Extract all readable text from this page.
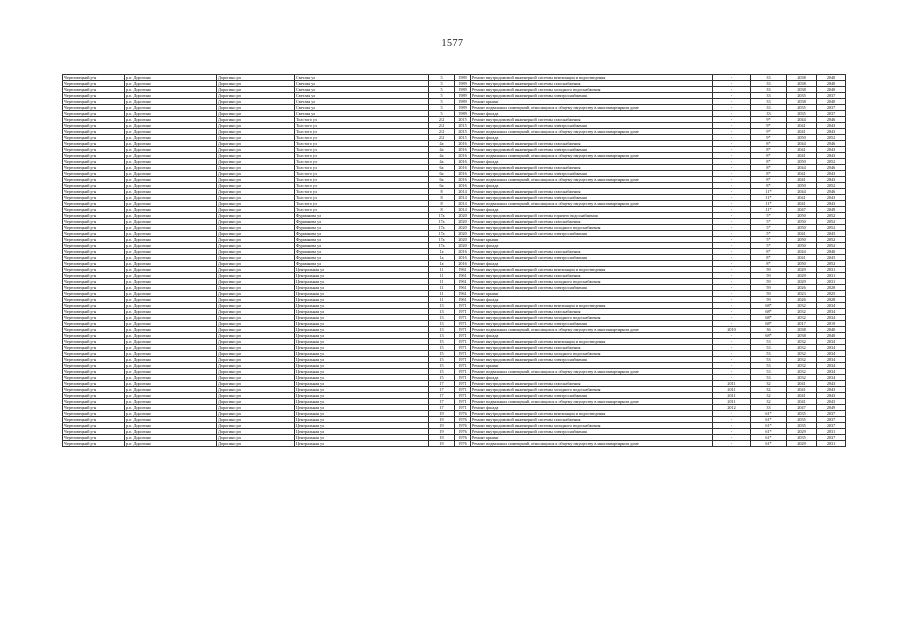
1577
Череповецкий р-н	р.п. Дорогино	Дорогино рп	Светлая ул	5	1989	Ремонт внутридомовой инженерной системы вентиляции и водоотведения	-	33	2038	2040
Череповецкий р-н	р.п. Дорогино	Дорогино рп	Светлая ул	5	1989	Ремонт внутридомовой инженерной системы газоснабжения	-	33	2038	2040
Череповецкий р-н	р.п. Дорогино	Дорогино рп	Светлая ул	5	1989	Ремонт внутридомовой инженерной системы холодного водоснабжения	-	33	2038	2040
Череповецкий р-н	р.п. Дорогино	Дорогино рп	Светлая ул	5	1989	Ремонт внутридомовой инженерной системы электроснабжения	-	33	2035	2037
Череповецкий р-н	р.п. Дорогино	Дорогино рп	Светлая ул	5	1989	Ремонт крыши	-	33	2038	2040
Череповецкий р-н	р.п. Дорогино	Дорогино рп	Светлая ул	5	1989	Ремонт подвальных помещений, относящихся к общему имуществу в многоквартирном доме	-	33	2035	2037
Череповецкий р-н	р.п. Дорогино	Дорогино рп	Светлая ул	5	1989	Ремонт фасада	-	33	2035	2037
Череповецкий р-н	р.п. Дорогино	Дорогино рп	Толстого ул	2/2	2015	Ремонт внутридомовой инженерной системы газоснабжения	-	9*	2044	2046
Череповецкий р-н	р.п. Дорогино	Дорогино рп	Толстого ул	2/2	2015	Ремонт внутридомовой инженерной системы электроснабжения	-	9*	2041	2043
Череповецкий р-н	р.п. Дорогино	Дорогино рп	Толстого ул	2/2	2015	Ремонт подвальных помещений, относящихся к общему имуществу в многоквартирном доме	-	9*	2041	2043
Череповецкий р-н	р.п. Дорогино	Дорогино рп	Толстого ул	2/2	2015	Ремонт фасада	-	9*	2050	2052
Череповецкий р-н	р.п. Дорогино	Дорогино рп	Толстого ул	4а	2016	Ремонт внутридомовой инженерной системы газоснабжения	-	8*	2044	2046
Череповецкий р-н	р.п. Дорогино	Дорогино рп	Толстого ул	4а	2016	Ремонт внутридомовой инженерной системы электроснабжения	-	8*	2041	2043
Череповецкий р-н	р.п. Дорогино	Дорогино рп	Толстого ул	4а	2016	Ремонт подвальных помещений, относящихся к общему имуществу в многоквартирном доме	-	8*	2041	2043
Череповецкий р-н	р.п. Дорогино	Дорогино рп	Толстого ул	4а	2016	Ремонт фасада	-	8*	2050	2052
Череповецкий р-н	р.п. Дорогино	Дорогино рп	Толстого ул	6а	2016	Ремонт внутридомовой инженерной системы газоснабжения	-	8*	2044	2046
Череповецкий р-н	р.п. Дорогино	Дорогино рп	Толстого ул	6а	2016	Ремонт внутридомовой инженерной системы электроснабжения	-	8*	2041	2043
Череповецкий р-н	р.п. Дорогино	Дорогино рп	Толстого ул	6а	2016	Ремонт подвальных помещений, относящихся к общему имуществу в многоквартирном доме	-	8*	2041	2043
Череповецкий р-н	р.п. Дорогино	Дорогино рп	Толстого ул	6а	2016	Ремонт фасада	-	8*	2050	2052
Череповецкий р-н	р.п. Дорогино	Дорогино рп	Толстого ул	8	2014	Ремонт внутридомовой инженерной системы газоснабжения	-	11*	2044	2046
Череповецкий р-н	р.п. Дорогино	Дорогино рп	Толстого ул	8	2014	Ремонт внутридомовой инженерной системы электроснабжения	-	11*	2041	2043
Череповецкий р-н	р.п. Дорогино	Дорогино рп	Толстого ул	8	2014	Ремонт подвальных помещений, относящихся к общему имуществу в многоквартирном доме	-	11*	2041	2043
Череповецкий р-н	р.п. Дорогино	Дорогино рп	Толстого ул	8	2014	Ремонт фасада	-	11*	2047	2049
Череповецкий р-н	р.п. Дорогино	Дорогино рп	Фурманова ул	17а	2020	Ремонт внутридомовой инженерной системы горячего водоснабжения	-	5*	2050	2052
Череповецкий р-н	р.п. Дорогино	Дорогино рп	Фурманова ул	17а	2020	Ремонт внутридомовой инженерной системы газоснабжения	-	5*	2050	2052
Череповецкий р-н	р.п. Дорогино	Дорогино рп	Фурманова ул	17а	2020	Ремонт внутридомовой инженерной системы холодного водоснабжения	-	5*	2050	2052
Череповецкий р-н	р.п. Дорогино	Дорогино рп	Фурманова ул	17а	2020	Ремонт внутридомовой инженерной системы электроснабжения	-	5*	2041	2043
Череповецкий р-н	р.п. Дорогино	Дорогино рп	Фурманова ул	17а	2020	Ремонт крыши	-	5*	2050	2052
Череповецкий р-н	р.п. Дорогино	Дорогино рп	Фурманова ул	17а	2020	Ремонт фасада	-	5*	2050	2052
Череповецкий р-н	р.п. Дорогино	Дорогино рп	Фурманова ул	1а	2016	Ремонт внутридомовой инженерной системы газоснабжения	-	8*	2044	2046
Череповецкий р-н	р.п. Дорогино	Дорогино рп	Фурманова ул	1а	2016	Ремонт внутридомовой инженерной системы электроснабжения	-	8*	2041	2043
Череповецкий р-н	р.п. Дорогино	Дорогино рп	Фурманова ул	1а	2016	Ремонт фасада	-	8*	2050	2052
Череповецкий р-н	р.п. Дорогино	Дорогино рп	Центральная ул	11	1961	Ремонт внутридомовой инженерной системы вентиляции и водоотведения	-	59	2029	2031
Череповецкий р-н	р.п. Дорогино	Дорогино рп	Центральная ул	11	1961	Ремонт внутридомовой инженерной системы газоснабжения	-	59	2029	2031
Череповецкий р-н	р.п. Дорогино	Дорогино рп	Центральная ул	11	1961	Ремонт внутридомовой инженерной системы холодного водоснабжения	-	59	2029	2031
Череповецкий р-н	р.п. Дорогино	Дорогино рп	Центральная ул	11	1961	Ремонт внутридомовой инженерной системы электроснабжения	-	59	2026	2028
Череповецкий р-н	р.п. Дорогино	Дорогино рп	Центральная ул	11	1961	Ремонт крыши	-	59	2023	2025
Череповецкий р-н	р.п. Дорогино	Дорогино рп	Центральная ул	11	1961	Ремонт фасада	-	59	2026	2028
Череповецкий р-н	р.п. Дорогино	Дорогино рп	Центральная ул	13	1971	Ремонт внутридомовой инженерной системы вентиляции и водоотведения	-	68*	2032	2034
Череповецкий р-н	р.п. Дорогино	Дорогино рп	Центральная ул	13	1971	Ремонт внутридомовой инженерной системы газоснабжения	-	68*	2032	2034
Череповецкий р-н	р.п. Дорогино	Дорогино рп	Центральная ул	13	1971	Ремонт внутридомовой инженерной системы холодного водоснабжения	-	68*	2032	2034
Череповецкий р-н	р.п. Дорогино	Дорогино рп	Центральная ул	13	1971	Ремонт внутридомовой инженерной системы электроснабжения	-	68*	2017	2019
Череповецкий р-н	р.п. Дорогино	Дорогино рп	Центральная ул	13	1971	Ремонт подвальных помещений, относящихся к общему имуществу в многоквартирном доме	2010	36	2038	2040
Череповецкий р-н	р.п. Дорогино	Дорогино рп	Центральная ул	13	1971	Ремонт фасада	-	68*	2038	2040
Череповецкий р-н	р.п. Дорогино	Дорогино рп	Центральная ул	15	1971	Ремонт внутридомовой инженерной системы вентиляции и водоотведения	-	53	2032	2034
Череповецкий р-н	р.п. Дорогино	Дорогино рп	Центральная ул	15	1971	Ремонт внутридомовой инженерной системы газоснабжения	-	53	2032	2034
Череповецкий р-н	р.п. Дорогино	Дорогино рп	Центральная ул	15	1971	Ремонт внутридомовой инженерной системы холодного водоснабжения	-	53	2032	2034
Череповецкий р-н	р.п. Дорогино	Дорогино рп	Центральная ул	15	1971	Ремонт внутридомовой инженерной системы электроснабжения	-	53	2032	2034
Череповецкий р-н	р.п. Дорогино	Дорогино рп	Центральная ул	15	1971	Ремонт крыши	-	53	2032	2034
Череповецкий р-н	р.п. Дорогино	Дорогино рп	Центральная ул	15	1971	Ремонт подвальных помещений, относящихся к общему имуществу в многоквартирном доме	-	53	2032	2034
Череповецкий р-н	р.п. Дорогино	Дорогино рп	Центральная ул	15	1971	Ремонт фасада	-	53	2032	2034
Череповецкий р-н	р.п. Дорогино	Дорогино рп	Центральная ул	17	1971	Ремонт внутридомовой инженерной системы газоснабжения	2011	32	2041	2043
Череповецкий р-н	р.п. Дорогино	Дорогино рп	Центральная ул	17	1971	Ремонт внутридомовой инженерной системы холодного водоснабжения	2011	32	2041	2043
Череповецкий р-н	р.п. Дорогино	Дорогино рп	Центральная ул	17	1971	Ремонт внутридомовой инженерной системы электроснабжения	2011	32	2041	2043
Череповецкий р-н	р.п. Дорогино	Дорогино рп	Центральная ул	17	1971	Ремонт подвальных помещений, относящихся к общему имуществу в многоквартирном доме	2011	32	2041	2043
Череповецкий р-н	р.п. Дорогино	Дорогино рп	Центральная ул	17	1971	Ремонт фасада	2012	33	2047	2049
Череповецкий р-н	р.п. Дорогино	Дорогино рп	Центральная ул	19	1976	Ремонт внутридомовой инженерной системы вентиляции и водоотведения	-	61*	2035	2037
Череповецкий р-н	р.п. Дорогино	Дорогино рп	Центральная ул	19	1976	Ремонт внутридомовой инженерной системы газоснабжения	-	61*	2035	2037
Череповецкий р-н	р.п. Дорогино	Дорогино рп	Центральная ул	19	1976	Ремонт внутридомовой инженерной системы холодного водоснабжения	-	61*	2035	2037
Череповецкий р-н	р.п. Дорогино	Дорогино рп	Центральная ул	19	1976	Ремонт внутридомовой инженерной системы электроснабжения	-	61*	2029	2031
Череповецкий р-н	р.п. Дорогино	Дорогино рп	Центральная ул	19	1976	Ремонт крыши	-	61*	2035	2037
Череповецкий р-н	р.п. Дорогино	Дорогино рп	Центральная ул	19	1976	Ремонт подвальных помещений, относящихся к общему имуществу в многоквартирном доме	-	61*	2029	2031
